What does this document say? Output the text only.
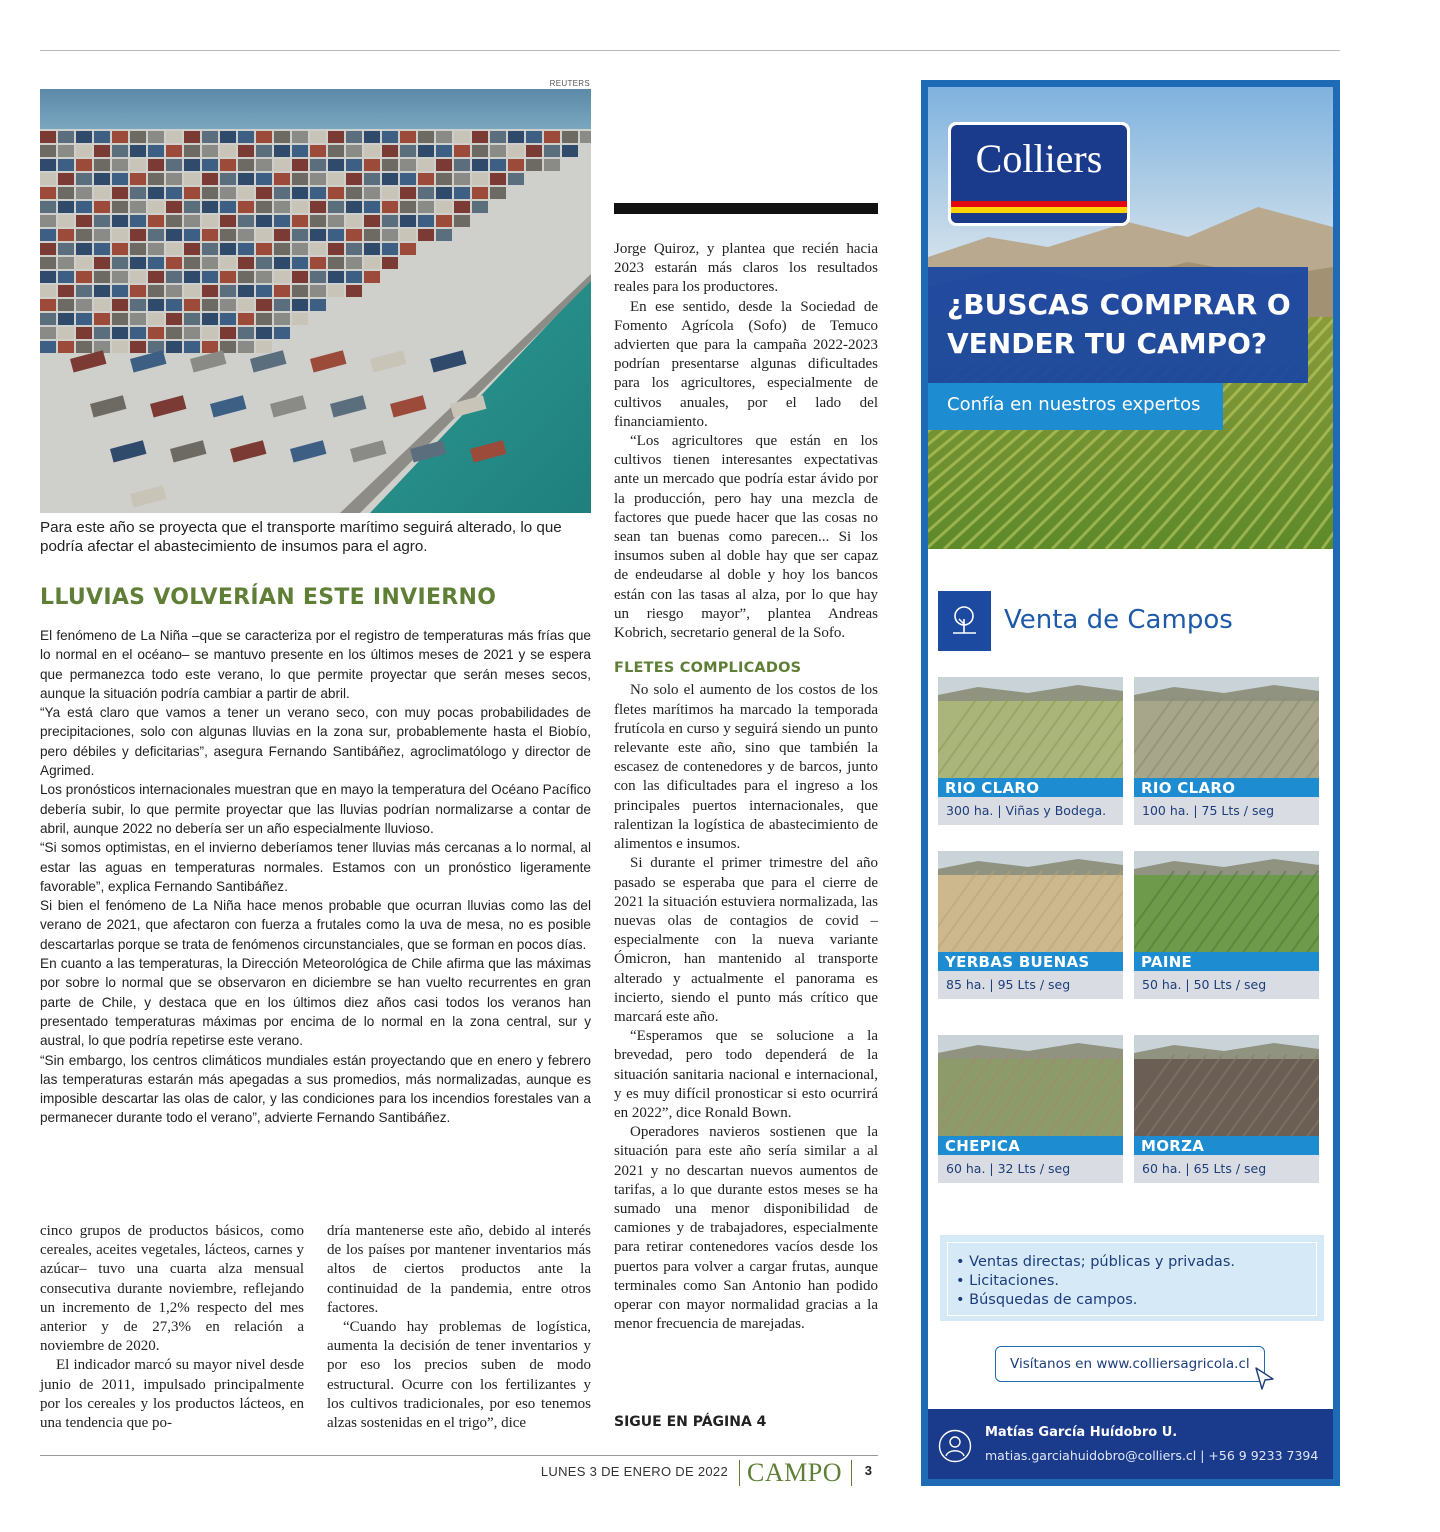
REUTERS
Para este año se proyecta que el transporte marítimo seguirá alterado, lo que podría afectar el abastecimiento de insumos para el agro.
LLUVIAS VOLVERÍAN ESTE INVIERNO

El fenómeno de La Niña –que se caracteriza por el registro de temperaturas más frías que lo normal en el océano– se mantuvo presente en los últimos meses de 2021 y se espera que permanezca todo este verano, lo que permite proyectar que serán meses secos, aunque la situación podría cambiar a partir de abril.

“Ya está claro que vamos a tener un verano seco, con muy pocas probabilidades de precipitaciones, solo con algunas lluvias en la zona sur, probablemente hasta el Biobío, pero débiles y deficitarias”, asegura Fernando Santibáñez, agroclimatólogo y director de Agrimed.

Los pronósticos internacionales muestran que en mayo la temperatura del Océano Pacífico debería subir, lo que permite proyectar que las lluvias podrían normalizarse a contar de abril, aunque 2022 no debería ser un año especialmente lluvioso.

“Si somos optimistas, en el invierno deberíamos tener lluvias más cercanas a lo normal, al estar las aguas en temperaturas normales. Estamos con un pronóstico ligeramente favorable”, explica Fernando Santibáñez.

Si bien el fenómeno de La Niña hace menos probable que ocurran lluvias como las del verano de 2021, que afectaron con fuerza a frutales como la uva de mesa, no es posible descartarlas porque se trata de fenómenos circunstanciales, que se forman en pocos días.

En cuanto a las temperaturas, la Dirección Meteorológica de Chile afirma que las máximas por sobre lo normal que se observaron en diciembre se han vuelto recurrentes en gran parte de Chile, y destaca que en los últimos diez años casi todos los veranos han presentado temperaturas máximas por encima de lo normal en la zona central, sur y austral, lo que podría repetirse este verano.

“Sin embargo, los centros climáticos mundiales están proyectando que en enero y febrero las temperaturas estarán más apegadas a sus promedios, más normalizadas, aunque es imposible descartar las olas de calor, y las condiciones para los incendios forestales van a permanecer durante todo el verano”, advierte Fernando Santibáñez.

cinco grupos de productos básicos, como cereales, aceites vegetales, lácteos, carnes y azúcar– tuvo una cuarta alza mensual consecutiva durante noviembre, reflejando un incremento de 1,2% respecto del mes anterior y de 27,3% en relación a noviembre de 2020.

El indicador marcó su mayor nivel desde junio de 2011, impulsado principalmente por los cereales y los productos lácteos, en una tendencia que po-

dría mantenerse este año, debido al interés de los países por mantener inventarios más altos de ciertos productos ante la continuidad de la pandemia, entre otros factores.

“Cuando hay problemas de logística, aumenta la decisión de tener inventarios y por eso los precios suben de modo estructural. Ocurre con los fertilizantes y los cultivos tradicionales, por eso tenemos alzas sostenidas en el trigo”, dice

Jorge Quiroz, y plantea que recién hacia 2023 estarán más claros los resultados reales para los productores.

En ese sentido, desde la Sociedad de Fomento Agrícola (Sofo) de Temuco advierten que para la campaña 2022-2023 podrían presentarse algunas dificultades para los agricultores, especialmente de cultivos anuales, por el lado del financiamiento.

“Los agricultores que están en los cultivos tienen interesantes expectativas ante un mercado que podría estar ávido por la producción, pero hay una mezcla de factores que puede hacer que las cosas no sean tan buenas como parecen... Si los insumos suben al doble hay que ser capaz de endeudarse al doble y hoy los bancos están con las tasas al alza, por lo que hay un riesgo mayor”, plantea Andreas Kobrich, secretario general de la Sofo.

FLETES COMPLICADOS

No solo el aumento de los costos de los fletes marítimos ha marcado la temporada frutícola en curso y seguirá siendo un punto relevante este año, sino que también la escasez de contenedores y de barcos, junto con las dificultades para el ingreso a los principales puertos internacionales, que ralentizan la logística de abastecimiento de alimentos e insumos.

Si durante el primer trimestre del año pasado se esperaba que para el cierre de 2021 la situación estuviera normalizada, las nuevas olas de contagios de covid –especialmente con la nueva variante Ómicron, han mantenido al transporte alterado y actualmente el panorama es incierto, siendo el punto más crítico que marcará este año.

“Esperamos que se solucione a la brevedad, pero todo dependerá de la situación sanitaria nacional e internacional, y es muy difícil pronosticar si esto ocurrirá en 2022”, dice Ronald Bown.

Operadores navieros sostienen que la situación para este año sería similar a al 2021 y no descartan nuevos aumentos de tarifas, a lo que durante estos meses se ha sumado una menor disponibilidad de camiones y de trabajadores, especialmente para retirar contenedores vacíos desde los puertos para volver a cargar frutas, aunque terminales como San Antonio han podido operar con mayor normalidad gracias a la menor frecuencia de marejadas.

SIGUE EN PÁGINA 4
LUNES 3 DE ENERO DE 2022 CAMPO 3
Colliers
¿BUSCAS COMPRAR O VENDER TU CAMPO?
Confía en nuestros expertos
Venta de Campos
RIO CLARO
300 ha. | Viñas y Bodega.
RIO CLARO
100 ha. | 75 Lts / seg
YERBAS BUENAS
85 ha. | 95 Lts / seg
PAINE
50 ha. | 50 Lts / seg
CHEPICA
60 ha. | 32 Lts / seg
MORZA
60 ha. | 65 Lts / seg
• Ventas directas; públicas y privadas.
• Licitaciones.
• Búsquedas de campos.
Visítanos en www.colliersagricola.cl
Matías García Huídobro U.
matias.garciahuidobro@colliers.cl | +56 9 9233 7394
